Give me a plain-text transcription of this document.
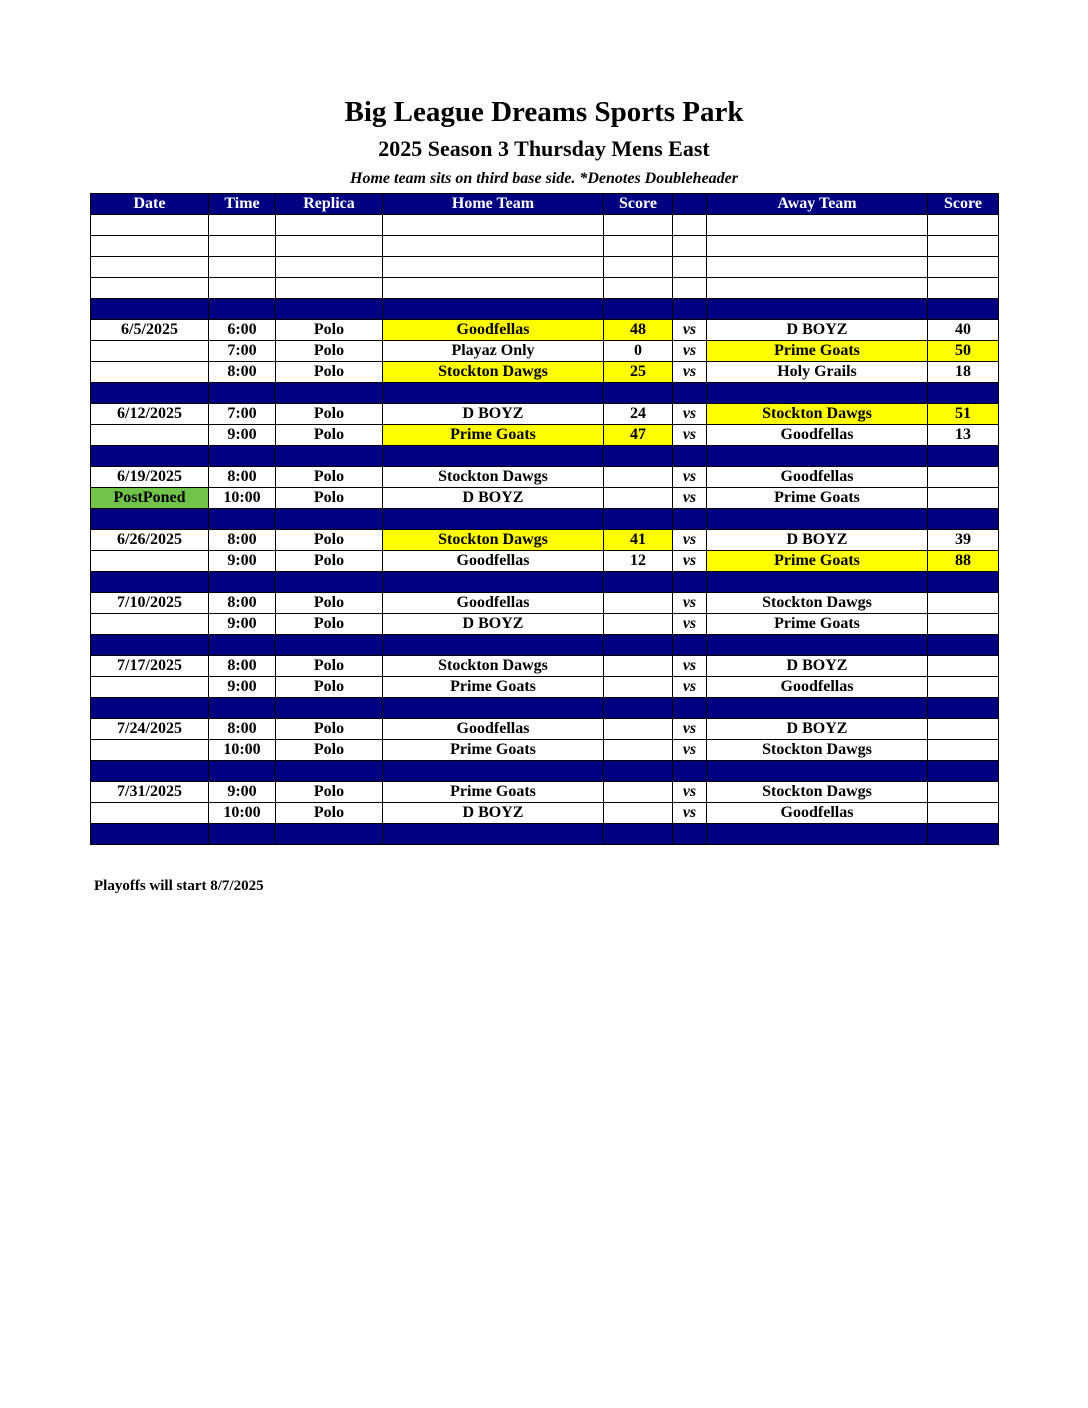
Big League Dreams Sports Park
2025 Season 3 Thursday Mens East
Home team sits on third base side. *Denotes Doubleheader
Date	Time	Replica	Home Team	Score		Away Team	Score

6/5/2025	6:00	Polo	Goodfellas	48	vs	D BOYZ	40
	7:00	Polo	Playaz Only	0	vs	Prime Goats	50
	8:00	Polo	Stockton Dawgs	25	vs	Holy Grails	18

6/12/2025	7:00	Polo	D BOYZ	24	vs	Stockton Dawgs	51
	9:00	Polo	Prime Goats	47	vs	Goodfellas	13

6/19/2025	8:00	Polo	Stockton Dawgs		vs	Goodfellas	
PostPoned	10:00	Polo	D BOYZ		vs	Prime Goats	

6/26/2025	8:00	Polo	Stockton Dawgs	41	vs	D BOYZ	39
	9:00	Polo	Goodfellas	12	vs	Prime Goats	88

7/10/2025	8:00	Polo	Goodfellas		vs	Stockton Dawgs	
	9:00	Polo	D BOYZ		vs	Prime Goats	

7/17/2025	8:00	Polo	Stockton Dawgs		vs	D BOYZ	
	9:00	Polo	Prime Goats		vs	Goodfellas	

7/24/2025	8:00	Polo	Goodfellas		vs	D BOYZ	
	10:00	Polo	Prime Goats		vs	Stockton Dawgs	

7/31/2025	9:00	Polo	Prime Goats		vs	Stockton Dawgs	
	10:00	Polo	D BOYZ		vs	Goodfellas	

Playoffs will start 8/7/2025
